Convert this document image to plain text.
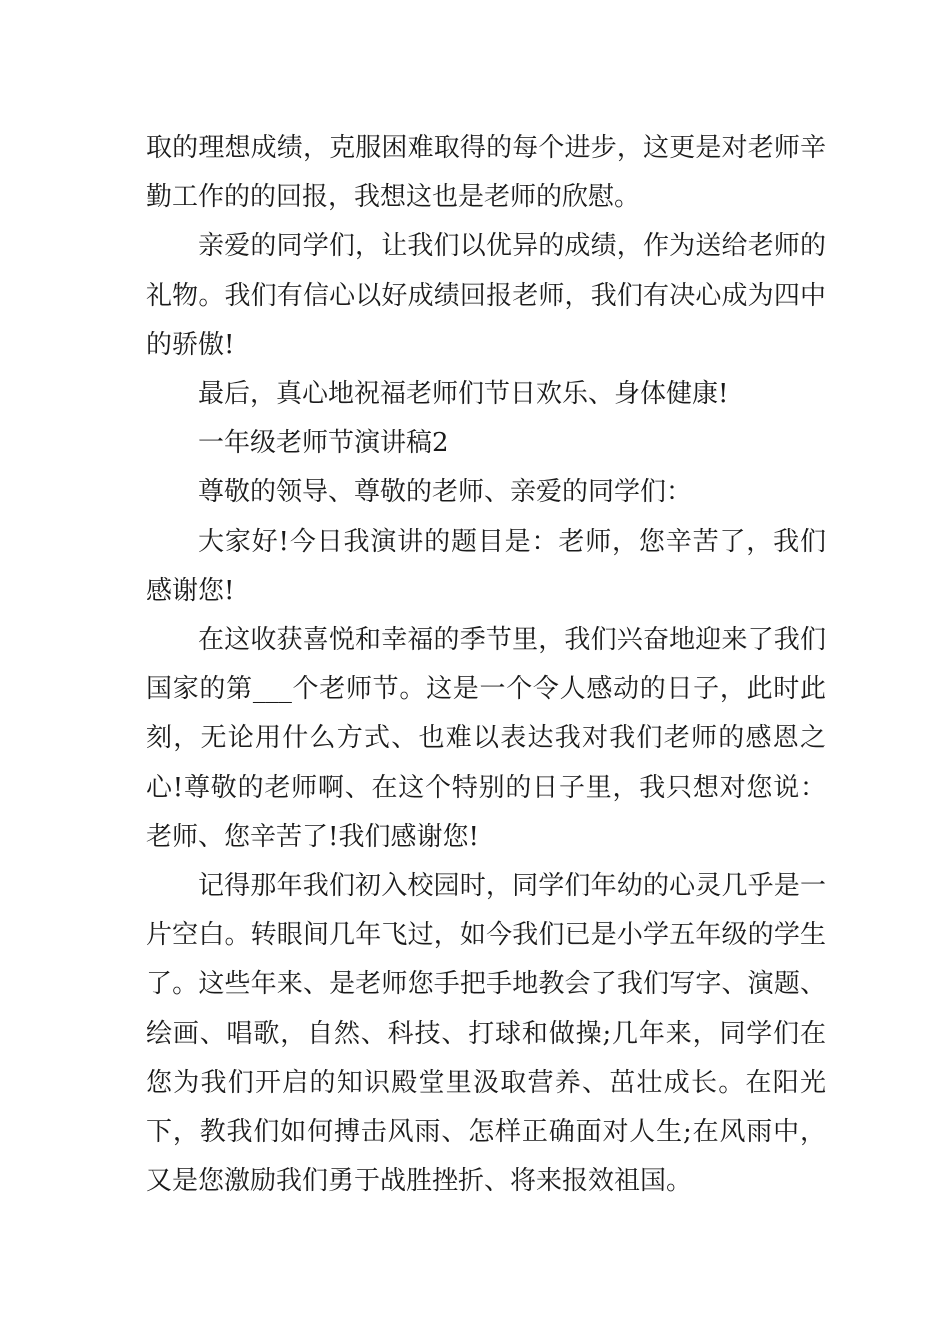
取的理想成绩，克服困难取得的每个进步，这更是对老师辛勤工作的的回报，我想这也是老师的欣慰。

亲爱的同学们，让我们以优异的成绩，作为送给老师的礼物。我们有信心以好成绩回报老师，我们有决心成为四中的骄傲!

最后，真心地祝福老师们节日欢乐、身体健康!

一年级老师节演讲稿2

尊敬的领导、尊敬的老师、亲爱的同学们：

大家好!今日我演讲的题目是：老师，您辛苦了，我们感谢您!

在这收获喜悦和幸福的季节里，我们兴奋地迎来了我们国家的第___个老师节。这是一个令人感动的日子，此时此刻，无论用什么方式、也难以表达我对我们老师的感恩之心!尊敬的老师啊、在这个特别的日子里，我只想对您说：老师、您辛苦了!我们感谢您!

记得那年我们初入校园时，同学们年幼的心灵几乎是一片空白。转眼间几年飞过，如今我们已是小学五年级的学生了。这些年来、是老师您手把手地教会了我们写字、演题、绘画、唱歌，自然、科技、打球和做操;几年来，同学们在您为我们开启的知识殿堂里汲取营养、茁壮成长。在阳光下，教我们如何搏击风雨、怎样正确面对人生;在风雨中，又是您激励我们勇于战胜挫折、将来报效祖国。
